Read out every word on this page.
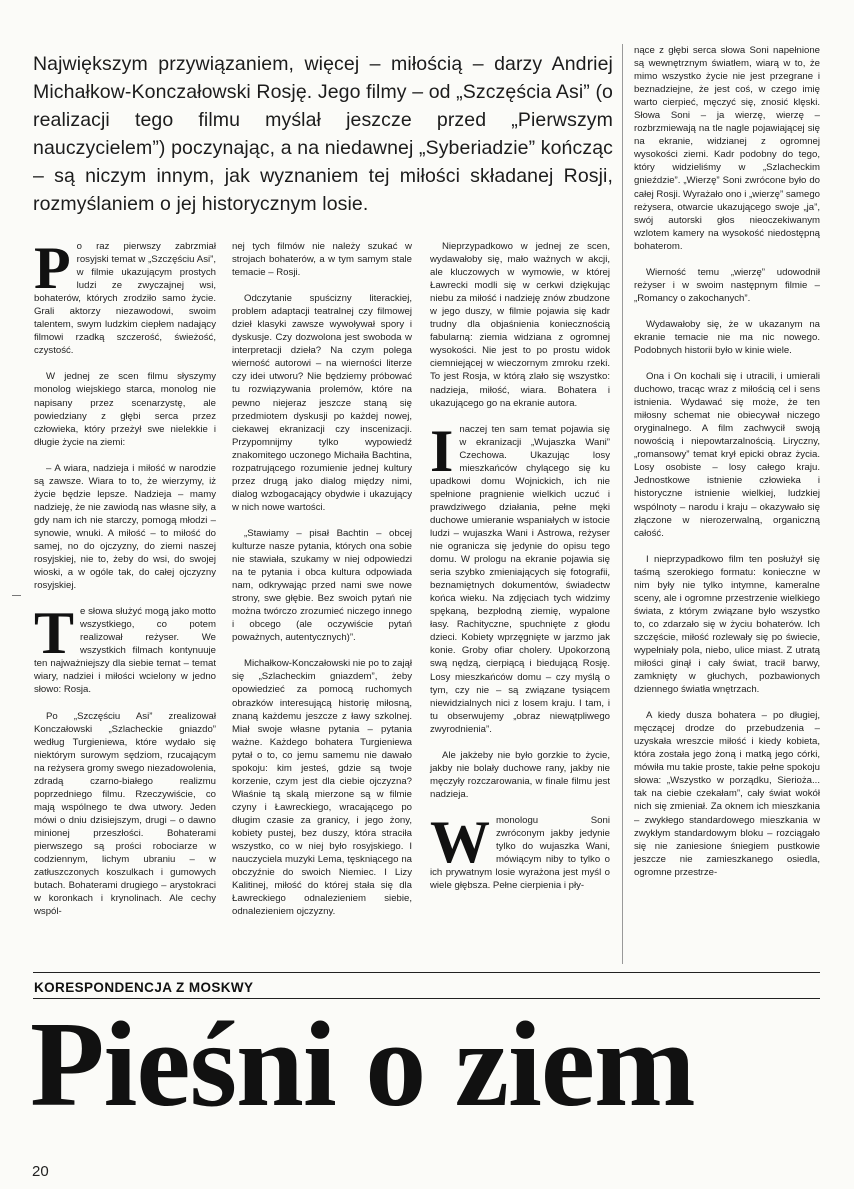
Największym przywiązaniem, więcej – miłością – darzy Andriej Michałkow-Konczałowski Rosję. Jego filmy – od „Szczęścia Asi” (o realizacji tego filmu myślał jeszcze przed „Pierwszym nauczycielem”) poczynając, a na niedawnej „Syberiadzie” kończąc – są niczym innym, jak wyznaniem tej miłości składanej Rosji, rozmyślaniem o jej historycznym losie.

Po raz pierwszy zabrzmiał rosyjski temat w „Szczęściu Asi”, w filmie ukazującym prostych ludzi ze zwyczajnej wsi, bohaterów, których zrodziło samo życie. Grali aktorzy niezawodowi, swoim talentem, swym ludzkim ciepłem nadający filmowi rzadką szczerość, świeżość, czystość.

W jednej ze scen filmu słyszymy monolog wiejskiego starca, monolog nie napisany przez scenarzystę, ale powiedziany z głębi serca przez człowieka, który przeżył swe nielekkie i długie życie na ziemi:

– A wiara, nadzieja i miłość w narodzie są zawsze. Wiara to to, że wierzymy, iż życie będzie lepsze. Nadzieja – mamy nadzieję, że nie zawiodą nas własne siły, a gdy nam ich nie starczy, pomogą młodzi – synowie, wnuki. A miłość – to miłość do samej, no do ojczyzny, do ziemi naszej rosyjskiej, nie to, żeby do wsi, do swojej wioski, a w ogóle tak, do całej ojczyzny rosyjskiej.

Te słowa służyć mogą jako motto wszystkiego, co potem realizował reżyser. We wszystkich filmach kontynuuje ten najważniejszy dla siebie temat – temat wiary, nadziei i miłości wcielony w jedno słowo: Rosja.

Po „Szczęściu Asi” zrealizował Konczałowski „Szlacheckie gniazdo” według Turgieniewa, które wydało się niektórym surowym sędziom, rzucającym na reżysera gromy swego niezadowolenia, zdradą czarno-białego realizmu poprzedniego filmu. Rzeczywiście, co mają wspólnego te dwa utwory. Jeden mówi o dniu dzisiejszym, drugi – o dawno minionej przeszłości. Bohaterami pierwszego są prości robociarze w codziennym, lichym ubraniu – w zatłuszczonych koszulkach i gumowych butach. Bohaterami drugiego – arystokraci w koronkach i krynolinach. Ale cechy wspól-

nej tych filmów nie należy szukać w strojach bohaterów, a w tym samym stale temacie – Rosji.

Odczytanie spuścizny literackiej, problem adaptacji teatralnej czy filmowej dzieł klasyki zawsze wywoływał spory i dyskusje. Czy dozwolona jest swoboda w interpretacji dzieła? Na czym polega wierność autorowi – na wierności literze czy idei utworu? Nie będziemy próbować tu rozwiązywania prolemów, które na pewno niejeraz jeszcze staną się przedmiotem dyskusji po każdej nowej, ciekawej ekranizacji czy inscenizacji. Przypomnijmy tylko wypowiedź znakomitego uczonego Michaiła Bachtina, rozpatrującego rozumienie jednej kultury przez drugą jako dialog między nimi, dialog wzbogacający obydwie i ukazujący w nich nowe wartości.

„Stawiamy – pisał Bachtin – obcej kulturze nasze pytania, których ona sobie nie stawiała, szukamy w niej odpowiedzi na te pytania i obca kultura odpowiada nam, odkrywając przed nami swe nowe strony, swe głębie. Bez swoich pytań nie można twórczo zrozumieć niczego innego i obcego (ale oczywiście pytań poważnych, autentycznych)”.

Michałkow-Konczałowski nie po to zajął się „Szlacheckim gniazdem”, żeby opowiedzieć za pomocą ruchomych obrazków interesującą historię miłosną, znaną każdemu jeszcze z ławy szkolnej. Miał swoje własne pytania – pytania ważne. Każdego bohatera Turgieniewa pytał o to, co jemu samemu nie dawało spokoju: kim jesteś, gdzie są twoje korzenie, czym jest dla ciebie ojczyzna? Właśnie tą skalą mierzone są w filmie czyny i Ławreckiego, wracającego po długim czasie za granicy, i jego żony, kobiety pustej, bez duszy, która straciła wszystko, co w niej było rosyjskiego. I nauczyciela muzyki Lema, tęskniącego na obczyźnie do swoich Niemiec. I Lizy Kalitinej, miłość do której stała się dla Ławreckiego odnalezieniem siebie, odnalezieniem ojczyzny.

Nieprzypadkowo w jednej ze scen, wydawałoby się, mało ważnych w akcji, ale kluczowych w wymowie, w której Ławrecki modli się w cerkwi dziękując niebu za miłość i nadzieję znów zbudzone w jego duszy, w filmie pojawia się kadr trudny dla objaśnienia koniecznością fabularną: ziemia widziana z ogromnej wysokości. Nie jest to po prostu widok ciemniejącej w wieczornym zmroku rzeki. To jest Rosja, w którą zlało się wszystko: nadzieja, miłość, wiara. Bohatera i ukazującego go na ekranie autora.

Inaczej ten sam temat pojawia się w ekranizacji „Wujaszka Wani” Czechowa. Ukazując losy mieszkańców chylącego się ku upadkowi domu Wojnickich, ich nie spełnione pragnienie wielkich uczuć i prawdziwego działania, pełne męki duchowe umieranie wspaniałych w istocie ludzi – wujaszka Wani i Astrowa, reżyser nie ogranicza się jedynie do opisu tego domu. W prologu na ekranie pojawia się seria szybko zmieniających się fotografii, beznamiętnych dokumentów, świadectw końca wieku. Na zdjęciach tych widzimy spękaną, bezpłodną ziemię, wypalone łasy. Rachityczne, spuchnięte z głodu dzieci. Kobiety wprzęgnięte w jarzmo jak konie. Groby ofiar cholery. Upokorzoną swą nędzą, cierpiącą i biedującą Rosję. Losy mieszkańców domu – czy myślą o tym, czy nie – są związane tysiącem niewidzialnych nici z losem kraju. I tam, i tu obserwujemy „obraz niewątpliwego zwyrodnienia”.

Ale jakżeby nie było gorzkie to życie, jakby nie bolały duchowe rany, jakby nie męczyły rozczarowania, w finale filmu jest nadzieja.

Wmonologu Soni zwróconym jakby jedynie tylko do wujaszka Wani, mówiącym niby to tylko o ich prywatnym losie wyrażona jest myśl o wiele głębsza. Pełne cierpienia i pły-

nące z głębi serca słowa Soni napełnione są wewnętrznym światłem, wiarą w to, że mimo wszystko życie nie jest przegrane i beznadziejne, że jest coś, w czego imię warto cierpieć, męczyć się, znosić klęski. Słowa Soni – ja wierzę, wierzę – rozbrzmiewają na tle nagle pojawiającej się na ekranie, widzianej z ogromnej wysokości ziemi. Kadr podobny do tego, który widzieliśmy w „Szlacheckim gnieździe”. „Wierzę” Soni zwrócone było do całej Rosji. Wyrażało ono i „wierzę” samego reżysera, otwarcie ukazującego swoje „ja”, swój autorski głos nieoczekiwanym wzlotem kamery na wysokość niedostępną bohaterom.

Wierność temu „wierzę” udowodnił reżyser i w swoim następnym filmie – „Romancy o zakochanych”.

Wydawałoby się, że w ukazanym na ekranie temacie nie ma nic nowego. Podobnych historii było w kinie wiele.

Ona i On kochali się i utracili, i umierali duchowo, tracąc wraz z miłością cel i sens istnienia. Wydawać się może, że ten miłosny schemat nie obiecywał niczego oryginalnego. A film zachwycił swoją nowością i niepowtarzalnością. Liryczny, „romansowy” temat krył epicki obraz życia. Losy osobiste – losy całego kraju. Jednostkowe istnienie człowieka i historyczne istnienie wielkiej, ludzkiej wspólnoty – narodu i kraju – okazywało się złączone w nierozerwalną, organiczną całość.

I nieprzypadkowo film ten posłużył się taśmą szerokiego formatu: konieczne w nim były nie tylko intymne, kameralne sceny, ale i ogromne przestrzenie wielkiego świata, z którym związane było wszystko to, co zdarzało się w życiu bohaterów. Ich szczęście, miłość rozlewały się po świecie, wypełniały pola, niebo, ulice miast. Z utratą miłości ginął i cały świat, tracił barwy, zamknięty w głuchych, pozbawionych dziennego światła wnętrzach.

A kiedy dusza bohatera – po długiej, męczącej drodze do przebudzenia – uzyskała wreszcie miłość i kiedy kobieta, która została jego żoną i matką jego córki, mówiła mu takie proste, takie pełne spokoju słowa: „Wszystko w porządku, Sieriożа... tak na ciebie czekałam”, cały świat wokół nich się zmieniał. Za oknem ich mieszkania – zwykłego standardowego mieszkania w zwykłym standardowym bloku – rozciągało się nie zaniesione śniegiem pustkowie jeszcze nie zamieszkanego osiedla, ogromne przestrze-

KORESPONDENCJA Z MOSKWY
Pieśni o ziem
20
